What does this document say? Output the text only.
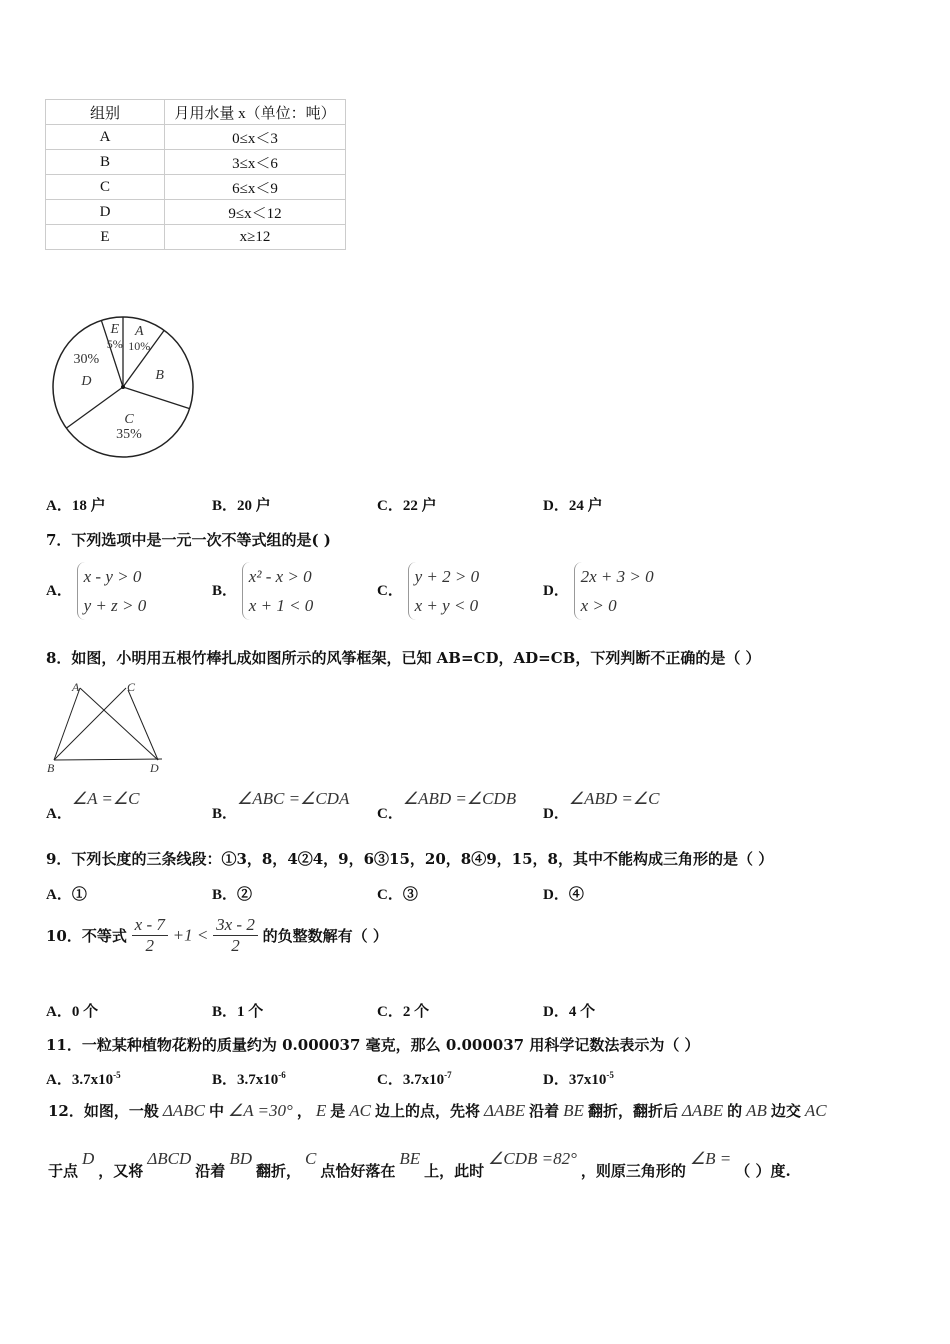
组别	月用水量 x（单位：吨）
A	0≤x＜3
B	3≤x＜6
C	6≤x＜9
D	9≤x＜12
E	x≥12
A
10%
B
C
35%
D
30%
E
5%
A．18 户	B．20 户	C．22 户	D．24 户
7．下列选项中是一元一次不等式组的是( )
A． x - y > 0
y + z > 0
B． x² - x > 0
x + 1 < 0
C． y + 2 > 0
x + y < 0
D． 2x + 3 > 0
x > 0
8．如图，小明用五根竹棒扎成如图所示的风筝框架，已知 AB=CD，AD=CB，下列判断不正确的是（ ）
A	C
B	D
A．∠A =∠C
B．∠ABC =∠CDA
C．∠ABD =∠CDB
D．∠ABD =∠C
9．下列长度的三条线段：①3，8，4②4，9，6③15，20，8④9，15，8，其中不能构成三角形的是（ ）
A．①	B．②	C．③	D．④
10．不等式 $\frac{x - 7}{2} +1 < \frac{3x - 2}{2}$ 的负整数解有（ ）
A．0 个	B．1 个	C．2 个	D．4 个
11．一粒某种植物花粉的质量约为 0.000037 毫克，那么 0.000037 用科学记数法表示为（ ）
A．$3.7x10^{-5}$	B．$3.7x10^{-6}$	C．$3.7x10^{-7}$	D．$37x10^{-5}$
12．如图，一般 ΔABC 中 ∠A =30° ， E 是 AC 边上的点，先将 ΔABE 沿着 BE 翻折，翻折后 ΔABE 的 AB 边交 AC
于点D，又将ΔBCD沿着BD翻折，C点恰好落在BE上，此时∠CDB =82°，则原三角形的∠B =（ ）度.
